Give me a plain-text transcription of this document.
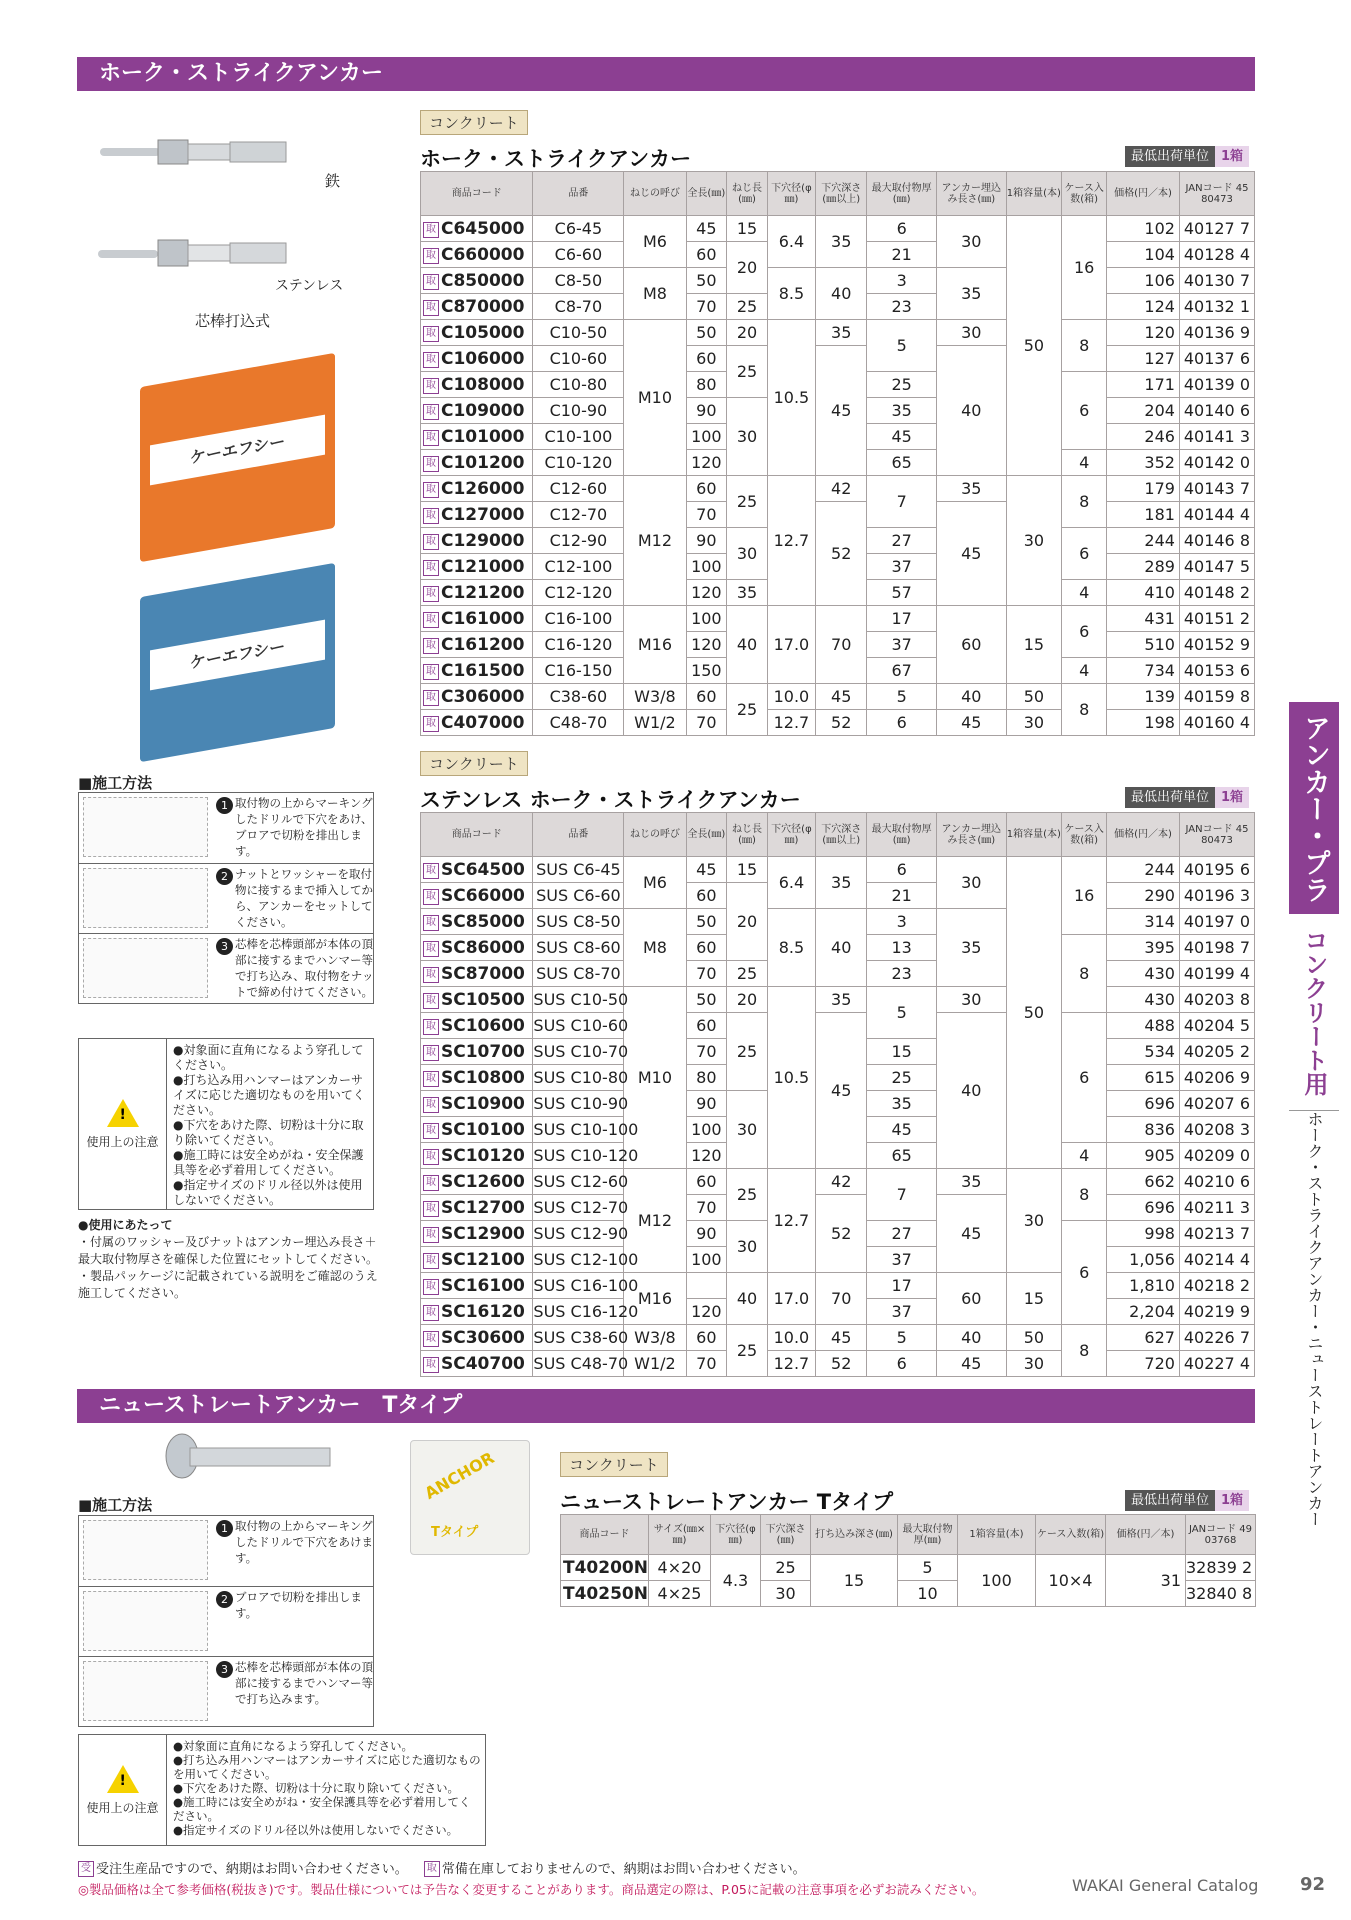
ホーク・ストライクアンカー
鉄
ステンレス
芯棒打込式
ケーエフシー
ケーエフシー
コンクリート
ホーク・ストライクアンカー	最低出荷単位 1箱
商品コード	品番	ねじの呼び	全長(㎜)	ねじ長(㎜)	下穴径(φ㎜)	下穴深さ(㎜以上)	最大取付物厚(㎜)	アンカー埋込み長さ(㎜)	1箱容量(本)	ケース入数(箱)	価格(円／本)	JANコード 45 80473
取 C645000	C6-45	M6	45	15	6.4	35	6	30	50	16	102	40127 7
取 C660000	C6-60		60	20			21				104	40128 4
取 C850000	C8-50	M8	50		8.5	40	3	35			106	40130 7
取 C870000	C8-70		70	25			23				124	40132 1
取 C105000	C10-50	M10	50	20	10.5	35	5	30		8	120	40136 9
取 C106000	C10-60		60	25		45		40			127	40137 6
取 C108000	C10-80		80				25			6	171	40139 0
取 C109000	C10-90		90	30			35				204	40140 6
取 C101000	C10-100		100				45				246	40141 3
取 C101200	C10-120		120				65			4	352	40142 0
取 C126000	C12-60	M12	60	25	12.7	42	7	35	30	8	179	40143 7
取 C127000	C12-70		70			52		45			181	40144 4
取 C129000	C12-90		90	30			27			6	244	40146 8
取 C121000	C12-100		100				37				289	40147 5
取 C121200	C12-120		120	35			57			4	410	40148 2
取 C161000	C16-100	M16	100	40	17.0	70	17	60	15	6	431	40151 2
取 C161200	C16-120		120				37				510	40152 9
取 C161500	C16-150		150				67			4	734	40153 6
取 C306000	C38-60	W3/8	60	25	10.0	45	5	40	50	8	139	40159 8
取 C407000	C48-70	W1/2	70		12.7	52	6	45	30		198	40160 4
コンクリート
ステンレス ホーク・ストライクアンカー	最低出荷単位 1箱
商品コード	品番	ねじの呼び	全長(㎜)	ねじ長(㎜)	下穴径(φ㎜)	下穴深さ(㎜以上)	最大取付物厚(㎜)	アンカー埋込み長さ(㎜)	1箱容量(本)	ケース入数(箱)	価格(円／本)	JANコード 45 80473
取 SC64500	SUS C6-45	M6	45	15	6.4	35	6	30	50	16	244	40195 6
取 SC66000	SUS C6-60		60	20			21				290	40196 3
取 SC85000	SUS C8-50	M8	50		8.5	40	3	35			314	40197 0
取 SC86000	SUS C8-60		60				13			8	395	40198 7
取 SC87000	SUS C8-70		70	25			23				430	40199 4
取 SC10500	SUS C10-50	M10	50	20	10.5	35	5	30			430	40203 8
取 SC10600	SUS C10-60		60	25		45		40		6	488	40204 5
取 SC10700	SUS C10-70		70				15				534	40205 2
取 SC10800	SUS C10-80		80				25				615	40206 9
取 SC10900	SUS C10-90		90	30			35				696	40207 6
取 SC10100	SUS C10-100		100				45				836	40208 3
取 SC10120	SUS C10-120		120				65			4	905	40209 0
取 SC12600	SUS C12-60	M12	60	25	12.7	42	7	35	30	8	662	40210 6
取 SC12700	SUS C12-70		70			52		45			696	40211 3
取 SC12900	SUS C12-90		90	30			27			6	998	40213 7
取 SC12100	SUS C12-100		100				37				1,056	40214 4
取 SC16100	SUS C16-100	M16		40	17.0	70	17	60	15		1,810	40218 2
取 SC16120	SUS C16-120		120				37				2,204	40219 9
取 SC30600	SUS C38-60	W3/8	60	25	10.0	45	5	40	50	8	627	40226 7
取 SC40700	SUS C48-70	W1/2	70		12.7	52	6	45	30		720	40227 4
■施工方法
1 取付物の上からマーキングしたドリルで下穴をあけ、ブロアで切粉を排出します。
2 ナットとワッシャーを取付物に接するまで挿入してから、アンカーをセットしてください。
3 芯棒を芯棒頭部が本体の頂部に接するまでハンマー等で打ち込み、取付物をナットで締め付けてください。
!
使用上の注意
●対象面に直角になるよう穿孔してください。
●打ち込み用ハンマーはアンカーサイズに応じた適切なものを用いてください。
●下穴をあけた際、切粉は十分に取り除いてください。
●施工時には安全めがね・安全保護具等を必ず着用してください。
●指定サイズのドリル径以外は使用しないでください。
●使用にあたって
・付属のワッシャー及びナットはアンカー埋込み長さ＋最大取付物厚さを確保した位置にセットしてください。
・製品パッケージに記載されている説明をご確認のうえ施工してください。
ニューストレートアンカー　Tタイプ
ANCHOR
Tタイプ
コンクリート
ニューストレートアンカー Tタイプ	最低出荷単位 1箱
商品コード	サイズ(㎜×㎜)	下穴径(φ㎜)	下穴深さ(㎜)	打ち込み深さ(㎜)	最大取付物厚(㎜)	1箱容量(本)	ケース入数(箱)	価格(円／本)	JANコード 49 03768
T40200N	4×20	4.3	25	15	5	100	10×4	31	32839 2
T40250N	4×25		30		10				32840 8
■施工方法
1 取付物の上からマーキングしたドリルで下穴をあけます。
2 ブロアで切粉を排出します。
3 芯棒を芯棒頭部が本体の頂部に接するまでハンマー等で打ち込みます。
!
使用上の注意
●対象面に直角になるよう穿孔してください。
●打ち込み用ハンマーはアンカーサイズに応じた適切なものを用いてください。
●下穴をあけた際、切粉は十分に取り除いてください。
●施工時には安全めがね・安全保護具等を必ず着用してください。
●指定サイズのドリル径以外は使用しないでください。
アンカー・プラグ
コンクリート用
ホーク・ストライクアンカー・ニューストレートアンカー
受 受注生産品ですので、納期はお問い合わせください。 取 常備在庫しておりませんので、納期はお問い合わせください。
◎製品価格は全て参考価格(税抜き)です。製品仕様については予告なく変更することがあります。商品選定の際は、P.05に記載の注意事項を必ずお読みください。	WAKAI General Catalog 92
